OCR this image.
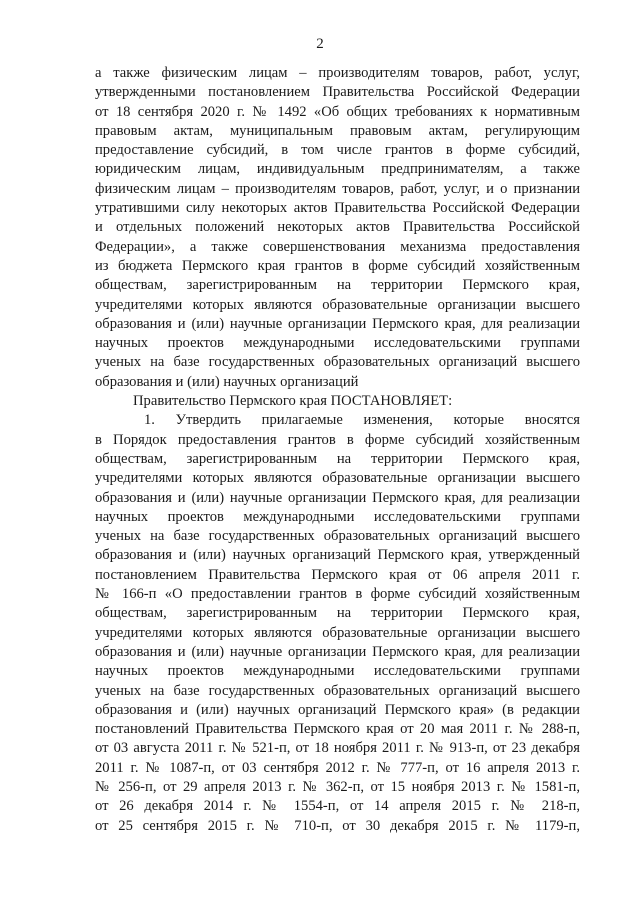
2
а также физическим лицам – производителям товаров, работ, услуг,
утвержденными постановлением Правительства Российской Федерации
от 18 сентября 2020 г. № 1492 «Об общих требованиях к нормативным
правовым актам, муниципальным правовым актам, регулирующим
предоставление субсидий, в том числе грантов в форме субсидий,
юридическим лицам, индивидуальным предпринимателям, а также
физическим лицам – производителям товаров, работ, услуг, и о признании
утратившими силу некоторых актов Правительства Российской Федерации
и отдельных положений некоторых актов Правительства Российской
Федерации», а также совершенствования механизма предоставления
из бюджета Пермского края грантов в форме субсидий хозяйственным
обществам, зарегистрированным на территории Пермского края,
учредителями которых являются образовательные организации высшего
образования и (или) научные организации Пермского края, для реализации
научных проектов международными исследовательскими группами
ученых на базе государственных образовательных организаций высшего
образования и (или) научных организаций
Правительство Пермского края ПОСТАНОВЛЯЕТ:
1. Утвердить прилагаемые изменения, которые вносятся
в Порядок предоставления грантов в форме субсидий хозяйственным
обществам, зарегистрированным на территории Пермского края,
учредителями которых являются образовательные организации высшего
образования и (или) научные организации Пермского края, для реализации
научных проектов международными исследовательскими группами
ученых на базе государственных образовательных организаций высшего
образования и (или) научных организаций Пермского края, утвержденный
постановлением Правительства Пермского края от 06 апреля 2011 г.
№ 166-п «О предоставлении грантов в форме субсидий хозяйственным
обществам, зарегистрированным на территории Пермского края,
учредителями которых являются образовательные организации высшего
образования и (или) научные организации Пермского края, для реализации
научных проектов международными исследовательскими группами
ученых на базе государственных образовательных организаций высшего
образования и (или) научных организаций Пермского края» (в редакции
постановлений Правительства Пермского края от 20 мая 2011 г. № 288-п,
от 03 августа 2011 г. № 521-п, от 18 ноября 2011 г. № 913-п, от 23 декабря
2011 г. № 1087-п, от 03 сентября 2012 г. № 777-п, от 16 апреля 2013 г.
№ 256-п, от 29 апреля 2013 г. № 362-п, от 15 ноября 2013 г. № 1581-п,
от 26 декабря 2014 г. № 1554-п, от 14 апреля 2015 г. № 218-п,
от 25 сентября 2015 г. № 710-п, от 30 декабря 2015 г. № 1179-п,
